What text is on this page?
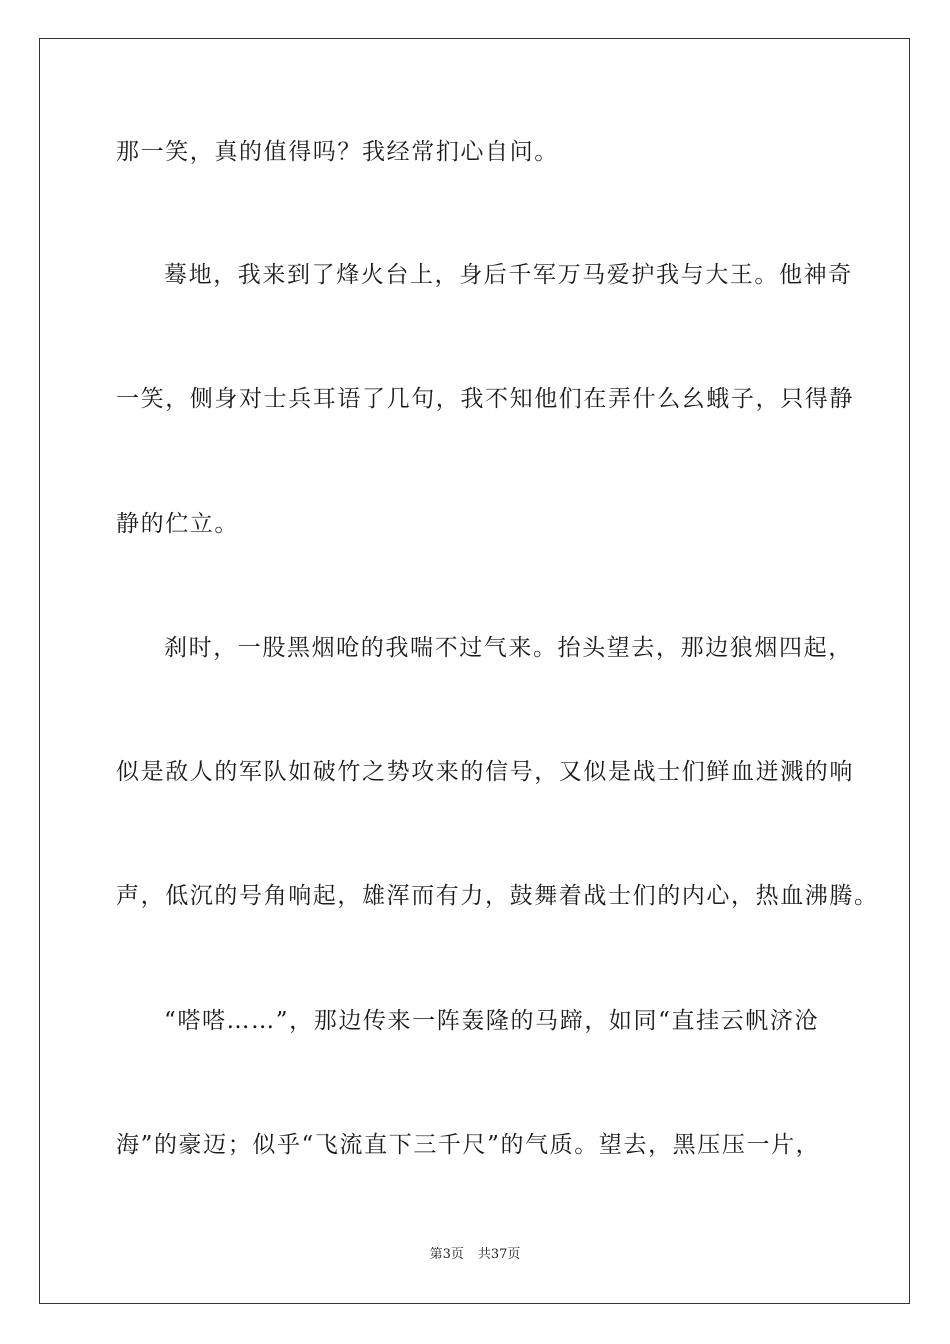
那一笑，真的值得吗？我经常扪心自问。
蓦地，我来到了烽火台上，身后千军万马爱护我与大王。他神奇
一笑，侧身对士兵耳语了几句，我不知他们在弄什么幺蛾子，只得静
静的伫立。
刹时，一股黑烟呛的我喘不过气来。抬头望去，那边狼烟四起，
似是敌人的军队如破竹之势攻来的信号，又似是战士们鲜血迸溅的响
声，低沉的号角响起，雄浑而有力，鼓舞着战士们的内心，热血沸腾。
“嗒嗒……”，那边传来一阵轰隆的马蹄，如同“直挂云帆济沧
海”的豪迈；似乎“飞流直下三千尺”的气质。望去，黑压压一片，
第3页 共37页
